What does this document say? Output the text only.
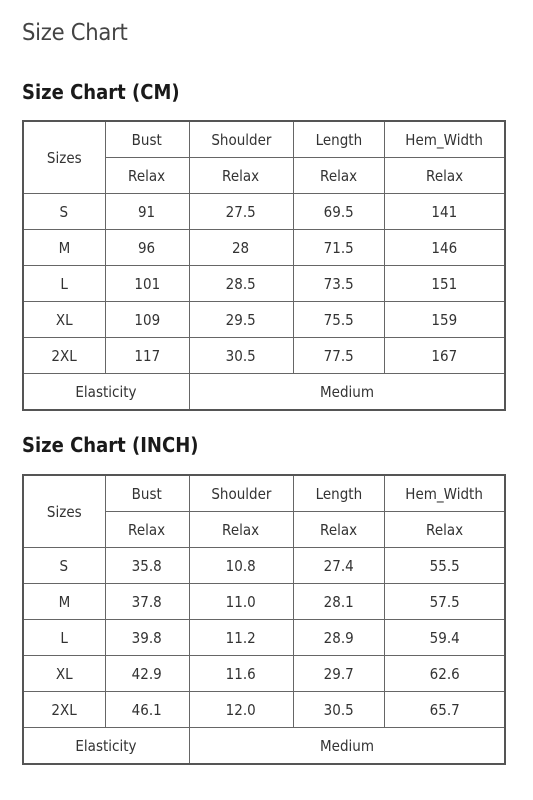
Size Chart
Size Chart (CM)
Sizes	Bust	Shoulder	Length	Hem_Width
	Relax	Relax	Relax	Relax
S	91	27.5	69.5	141
M	96	28	71.5	146
L	101	28.5	73.5	151
XL	109	29.5	75.5	159
2XL	117	30.5	77.5	167
Elasticity		Medium		
Size Chart (INCH)
Sizes	Bust	Shoulder	Length	Hem_Width
	Relax	Relax	Relax	Relax
S	35.8	10.8	27.4	55.5
M	37.8	11.0	28.1	57.5
L	39.8	11.2	28.9	59.4
XL	42.9	11.6	29.7	62.6
2XL	46.1	12.0	30.5	65.7
Elasticity		Medium		
